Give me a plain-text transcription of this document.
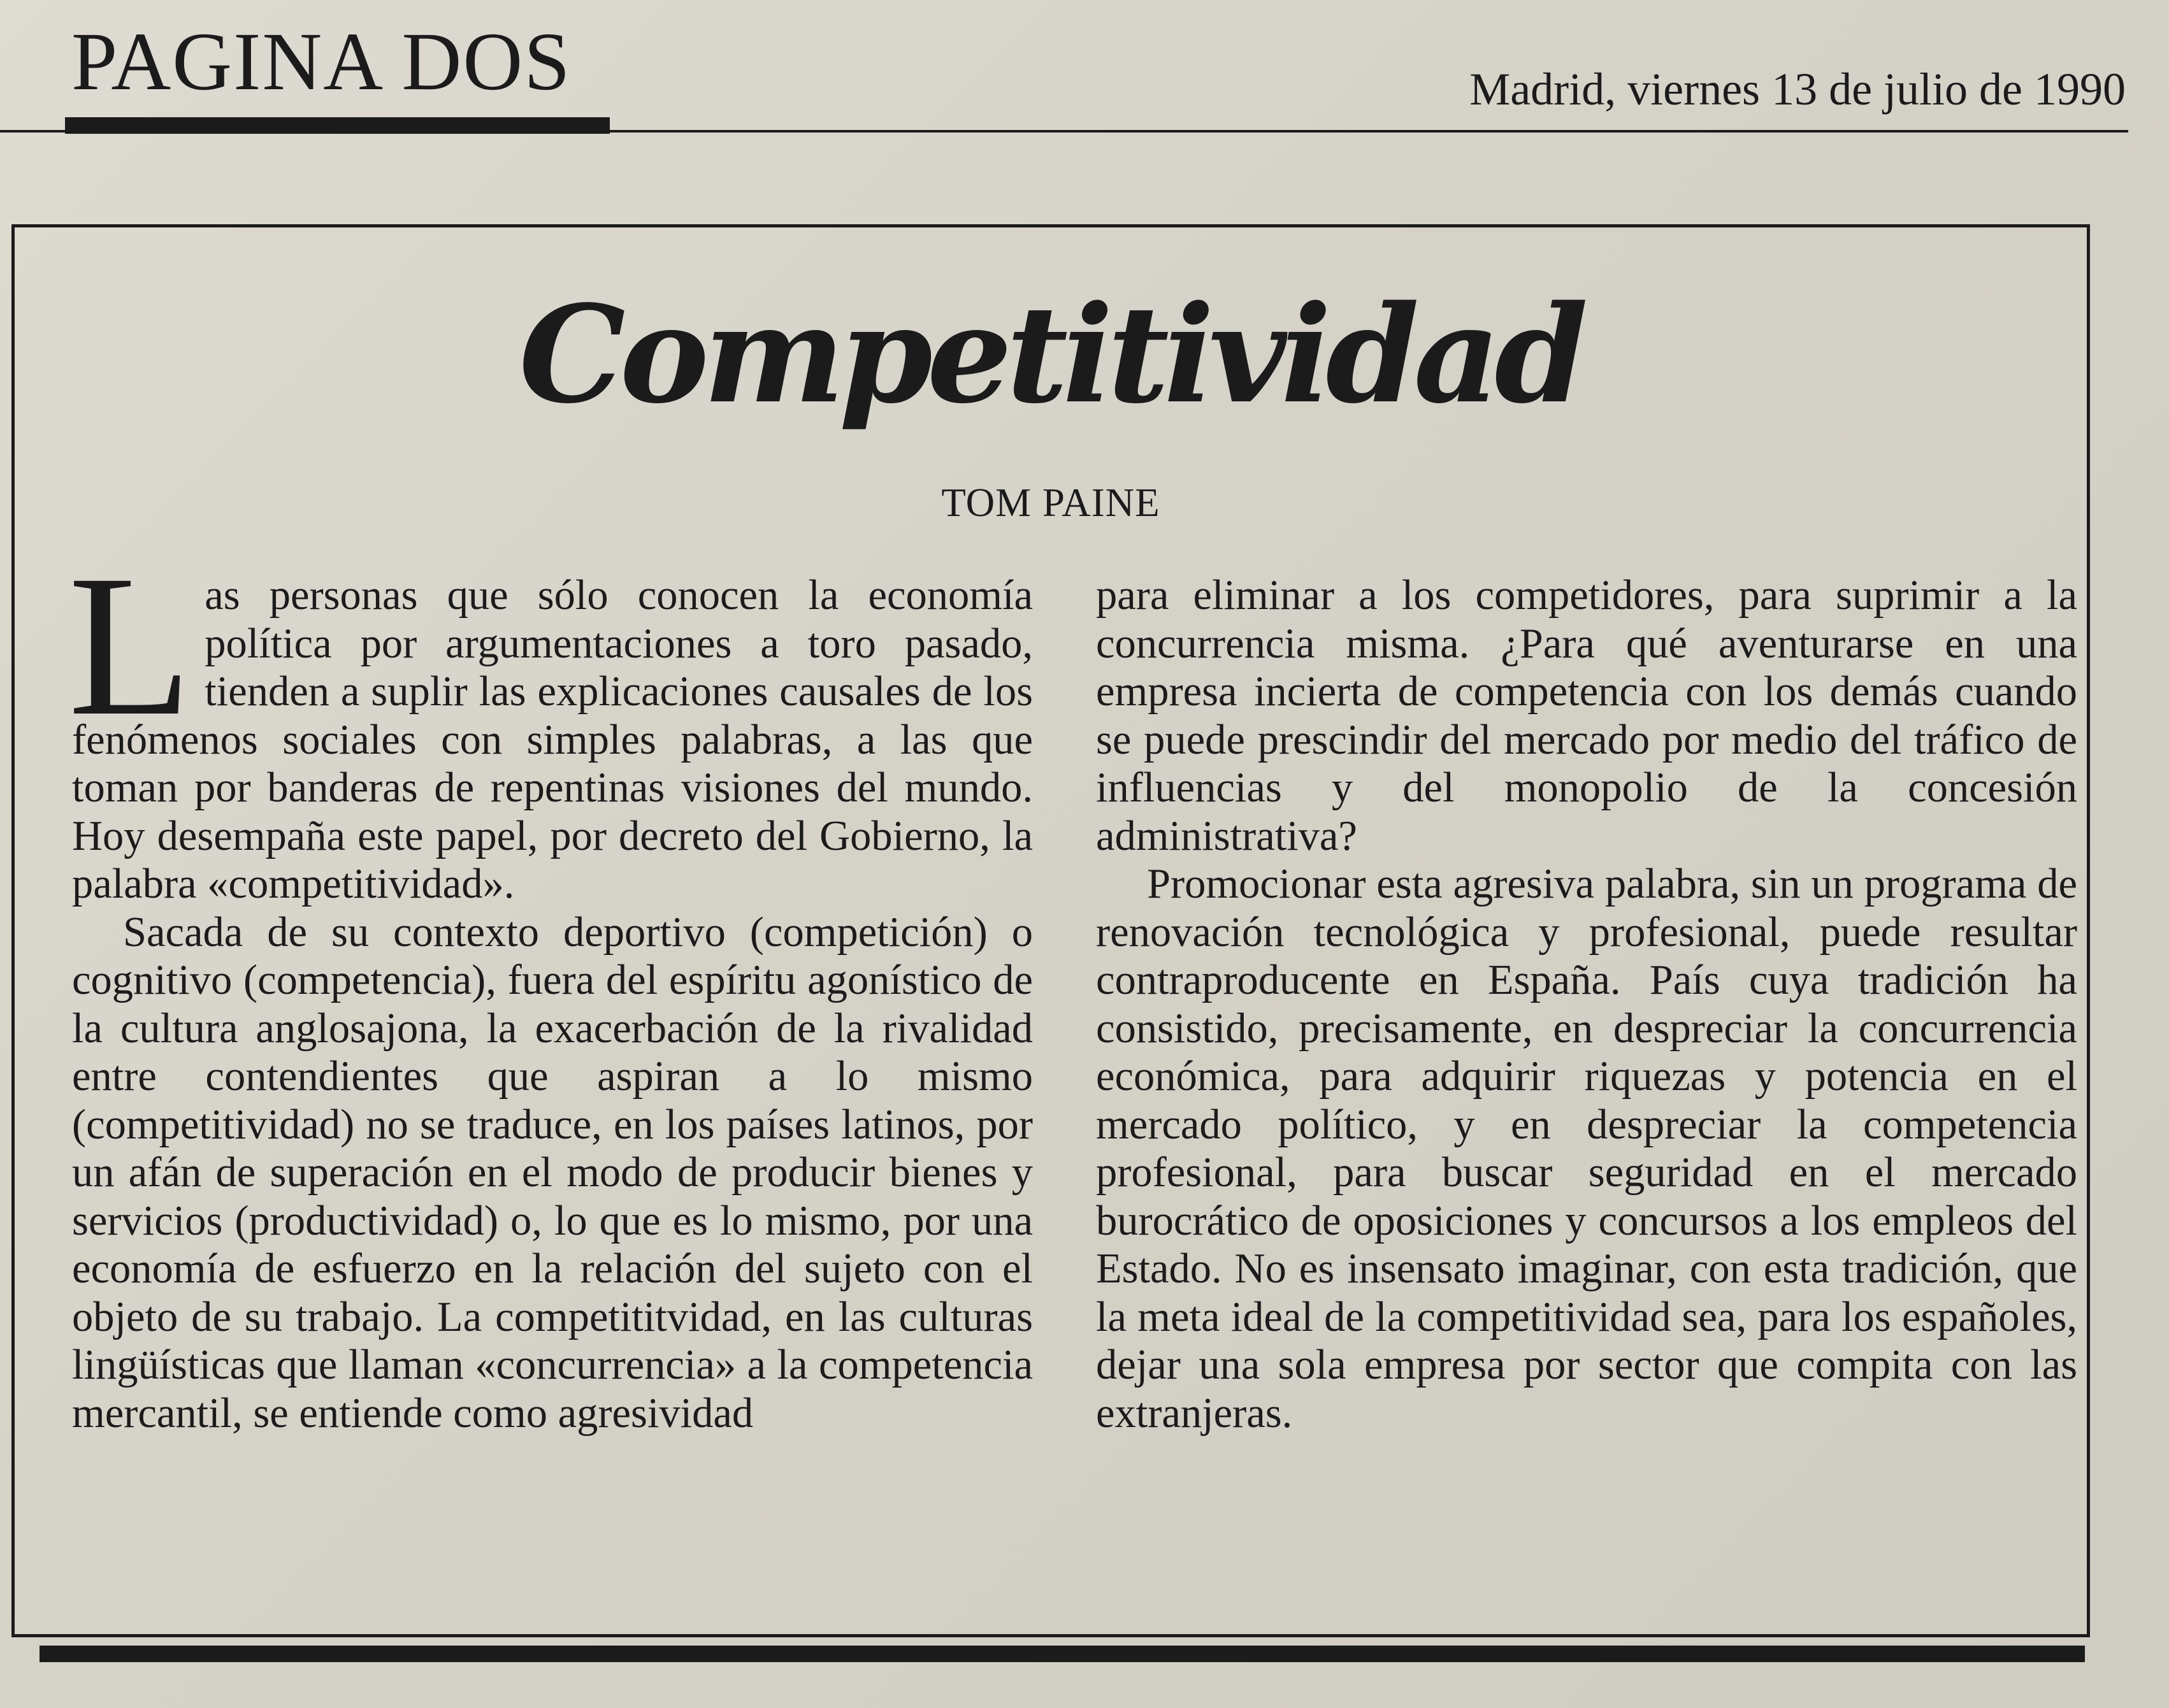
PAGINA DOS	Madrid, viernes 13 de julio de 1990
Competitividad
TOM PAINE

Las personas que sólo conocen la economía política por argumentaciones a toro pasado, tienden a suplir las explicaciones causales de los fenómenos sociales con simples palabras, a las que toman por banderas de repentinas visiones del mundo. Hoy desempaña este papel, por decreto del Gobierno, la palabra «competitividad».

Sacada de su contexto deportivo (competición) o cognitivo (competencia), fuera del espíritu agonístico de la cultura anglosajona, la exacerbación de la rivalidad entre contendientes que aspiran a lo mismo (competitividad) no se traduce, en los países latinos, por un afán de superación en el modo de producir bienes y servicios (productividad) o, lo que es lo mismo, por una economía de esfuerzo en la relación del sujeto con el objeto de su trabajo. La competititvidad, en las culturas lingüísticas que llaman «concurrencia» a la competencia mercantil, se entiende como agresividad

para eliminar a los competidores, para suprimir a la concurrencia misma. ¿Para qué aventurarse en una empresa incierta de competencia con los demás cuando se puede prescindir del mercado por medio del tráfico de influencias y del monopolio de la concesión administrativa?

Promocionar esta agresiva palabra, sin un programa de renovación tecnológica y profesional, puede resultar contraproducente en España. País cuya tradición ha consistido, precisamente, en despreciar la concurrencia económica, para adquirir riquezas y potencia en el mercado político, y en despreciar la competencia profesional, para buscar seguridad en el mercado burocrático de oposiciones y concursos a los empleos del Estado. No es insensato imaginar, con esta tradición, que la meta ideal de la competitividad sea, para los españoles, dejar una sola empresa por sector que compita con las extranjeras.
